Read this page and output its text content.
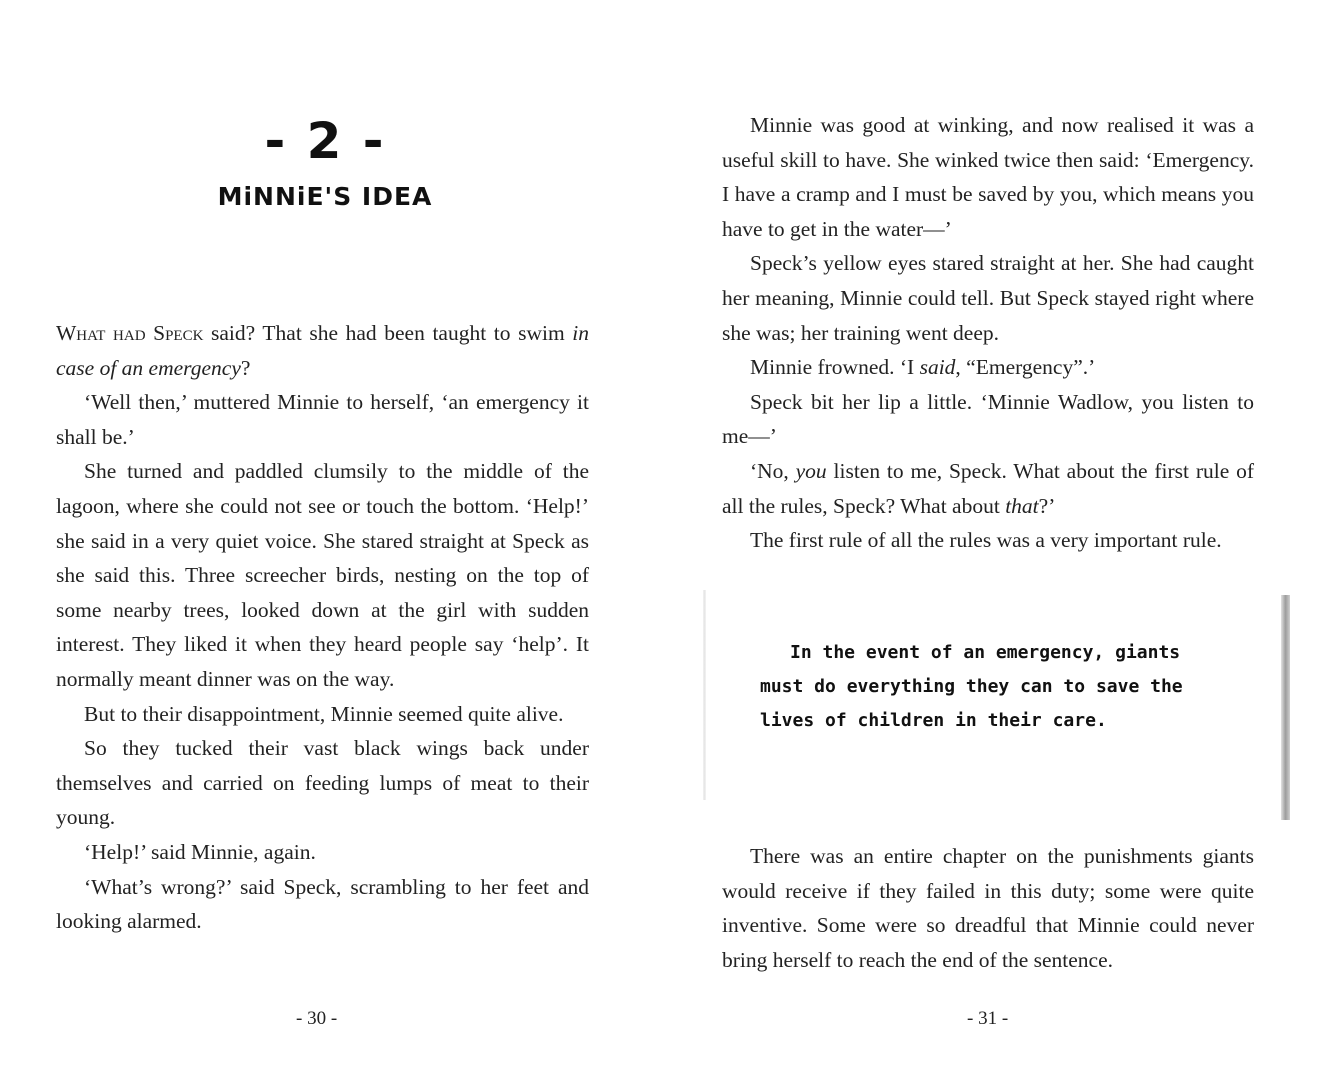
- 2 -
MiNNiE'S IDEA

What had Speck said? That she had been taught to swim in case of an emergency?

‘Well then,’ muttered Minnie to herself, ‘an emergency it shall be.’

She turned and paddled clumsily to the middle of the lagoon, where she could not see or touch the bottom. ‘Help!’ she said in a very quiet voice. She stared straight at Speck as she said this. Three screecher birds, nesting on the top of some nearby trees, looked down at the girl with sudden interest. They liked it when they heard people say ‘help’. It normally meant dinner was on the way.

But to their disappointment, Minnie seemed quite alive.

So they tucked their vast black wings back under themselves and carried on feeding lumps of meat to their young.

‘Help!’ said Minnie, again.

‘What’s wrong?’ said Speck, scrambling to her feet and looking alarmed.

- 30 -

Minnie was good at winking, and now realised it was a useful skill to have. She winked twice then said: ‘Emergency. I have a cramp and I must be saved by you, which means you have to get in the water—’

Speck’s yellow eyes stared straight at her. She had caught her meaning, Minnie could tell. But Speck stayed right where she was; her training went deep.

Minnie frowned. ‘I said, “Emergency”.’

Speck bit her lip a little. ‘Minnie Wadlow, you listen to me—’

‘No, you listen to me, Speck. What about the first rule of all the rules, Speck? What about that?’

The first rule of all the rules was a very important rule.

In the event of an emergency, giants must do everything they can to save the lives of children in their care.

There was an entire chapter on the punishments giants would receive if they failed in this duty; some were quite inventive. Some were so dreadful that Minnie could never bring herself to reach the end of the sentence.

- 31 -
